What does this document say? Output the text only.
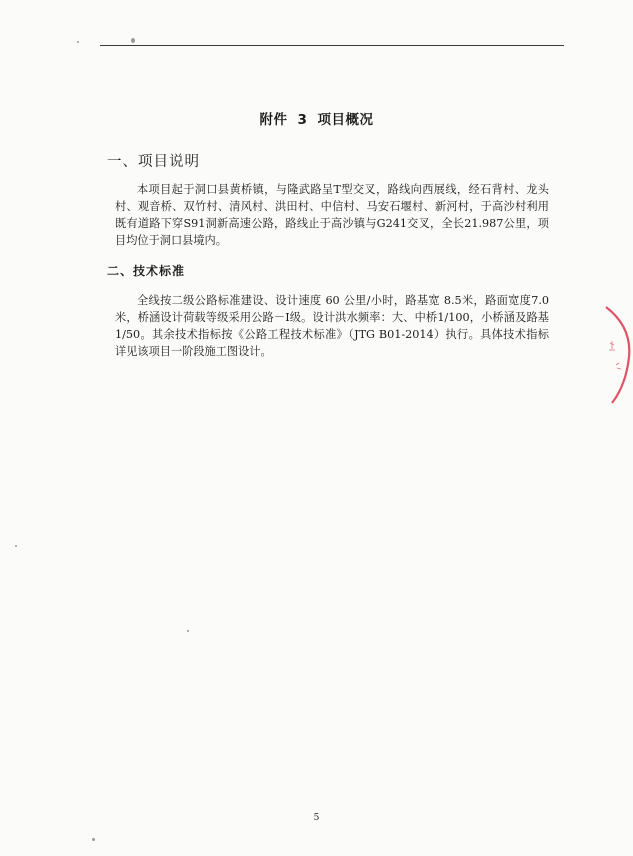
附件 3 项目概况
一、项目说明

本项目起于洞口县黄桥镇，与隆武路呈T型交叉，路线向西展线，经石背村、龙头村、观音桥、双竹村、清风村、洪田村、中信村、马安石堰村、新河村，于高沙村利用既有道路下穿S91洞新高速公路，路线止于高沙镇与G241交叉，全长21.987公里，项目均位于洞口县境内。

二、技术标准

全线按二级公路标准建设、设计速度 60 公里/小时，路基宽 8.5米，路面宽度7.0米，桥涵设计荷载等级采用公路－Ⅰ级。设计洪水频率：大、中桥1/100，小桥涵及路基1/50。其余技术指标按《公路工程技术标准》（JTG B01-2014）执行。具体技术指标详见该项目一阶段施工图设计。

5
